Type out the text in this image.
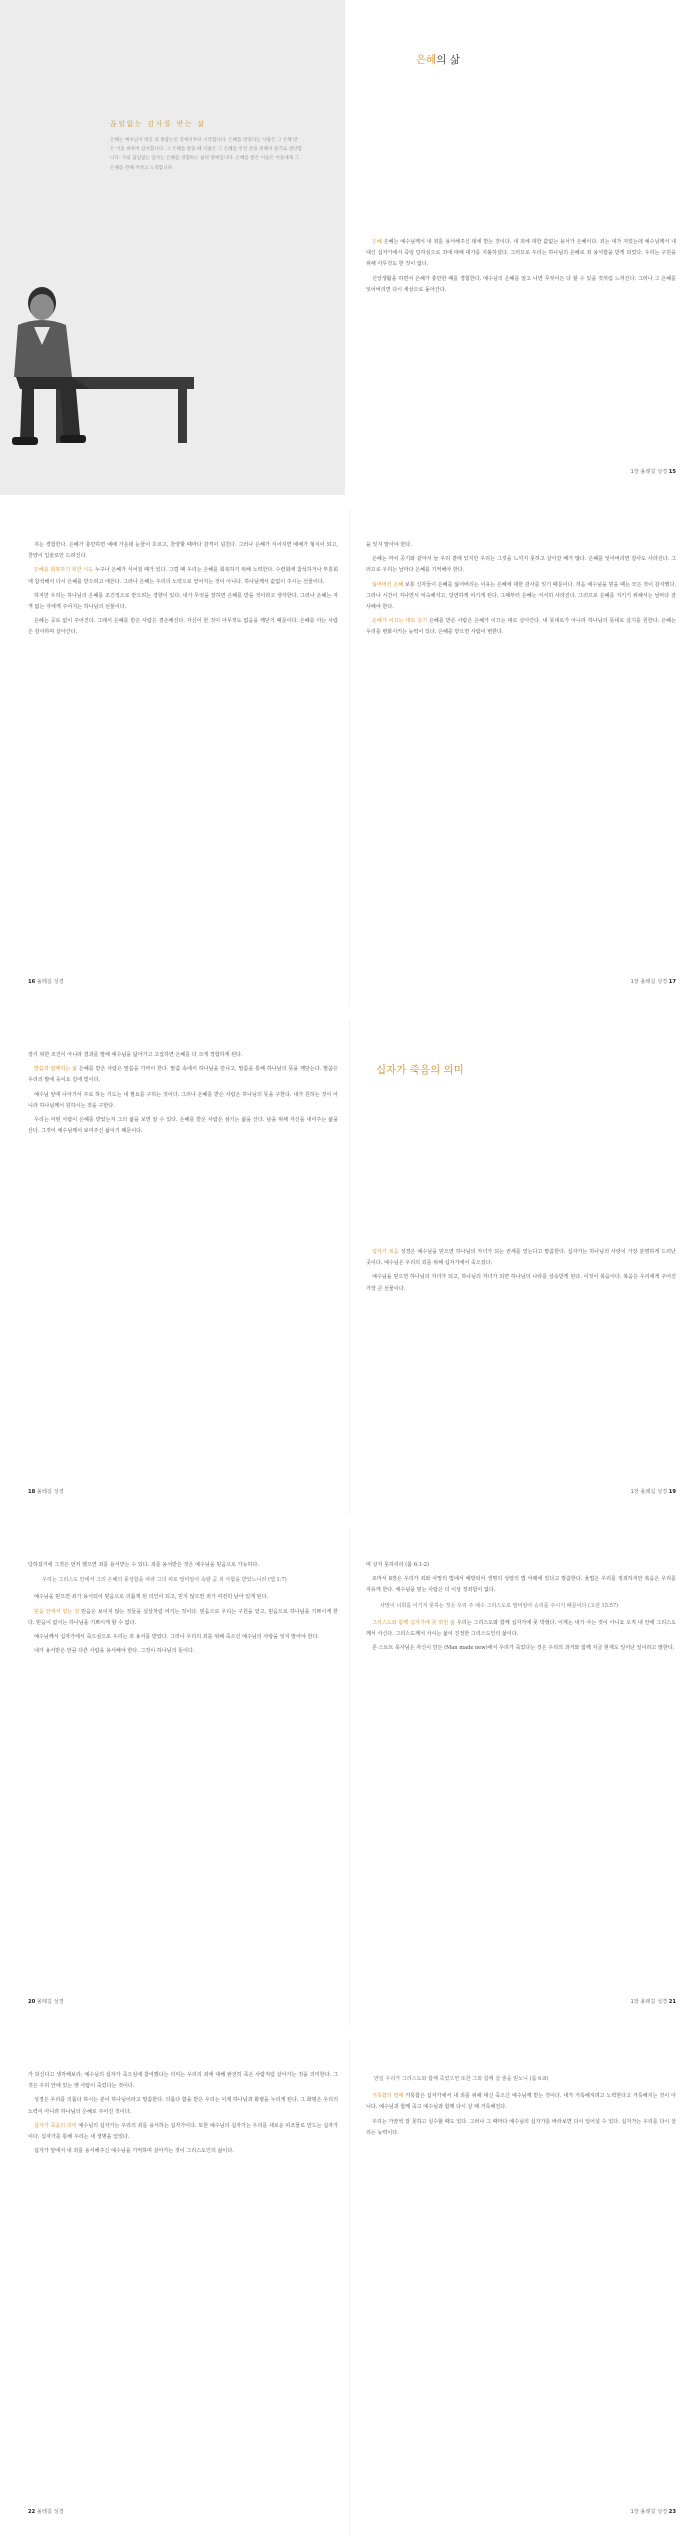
끊임없는 감사를 받는 삶
은혜는 예수님이 대신 죄 종잡는신 것에서부터 시작합니다. 은혜를 받았다는 사람은 그 은혜 받은 이를 위하여 감사합니다. 그 은혜를 받을 때 사람은 그 은혜를 주신 분을 위해서 살기로 결단합니다. 사실 끊임없는 감사는 은혜를 경험하는 삶의 열매입니다. 은혜를 받은 이들은 이웃에게 그 은혜를 전해 주려고 노력합니다.
은혜의 삶

은혜 은혜는 예수님께서 내 죄를 용서해주신 데에 받는 것이다. 내 죄에 대한 값없는 용서가 은혜이다. 죄는 내가 지었는데 예수님께서 내 대신 십자가에서 죽임 당하심으로 죄에 대해 대가를 지불하셨다. 그러므로 우리는 하나님의 은혜로 죄 용서함을 받게 되었다. 우리는 구원을 위해 아무것도 한 것이 없다.

신앙생활을 하면서 은혜가 충만한 때를 경험한다. 예수님의 은혜를 알고 나면 무엇이든 다 할 수 있을 것처럼 느껴진다. 그러나 그 은혜를 잊어버리면 다시 세상으로 돌아간다.

1장 올레길 성경 15

지는 경험한다. 은혜가 충만하면 예배 가운데 눈물이 흐르고, 찬양할 때마다 감격이 넘친다. 그러나 은혜가 식어지면 예배가 형식이 되고, 찬양이 입술로만 드려진다.

은혜를 회복하기 위한 시도 누구나 은혜가 식어질 때가 있다. 그럴 때 우리는 은혜를 회복하기 위해 노력한다. 수련회에 참석하거나 부흥회에 참석해서 다시 은혜를 받으려고 애쓴다. 그러나 은혜는 우리의 노력으로 얻어지는 것이 아니다. 하나님께서 값없이 주시는 선물이다.

하지만 우리는 하나님의 은혜를 조건적으로 받으려는 경향이 있다. 내가 무엇을 잘하면 은혜를 받을 것이라고 생각한다. 그러나 은혜는 자격 없는 자에게 주어지는 하나님의 선물이다.

은혜는 공로 없이 주어진다. 그래서 은혜를 받은 사람은 겸손해진다. 자신이 한 것이 아무것도 없음을 깨닫기 때문이다. 은혜를 아는 사람은 감사하며 살아간다.

16 올레길 성경

을 잊지 말아야 한다.

은혜는 마치 공기와 같아서 늘 우리 곁에 있지만 우리는 그것을 느끼지 못하고 살아갈 때가 많다. 은혜를 잊어버리면 감사도 사라진다. 그러므로 우리는 날마다 은혜를 기억해야 한다.

잃어버린 은혜 보통 신자들이 은혜를 잃어버리는 이유는 은혜에 대한 감사를 잊기 때문이다. 처음 예수님을 믿을 때는 모든 것이 감사했다. 그러나 시간이 지나면서 익숙해지고, 당연하게 여기게 된다. 그때부터 은혜는 서서히 사라진다. 그러므로 은혜를 지키기 위해서는 날마다 감사해야 한다.

은혜가 이끄는 대로 살기 은혜를 받은 사람은 은혜가 이끄는 대로 살아간다. 내 뜻대로가 아니라 하나님의 뜻대로 살기를 원한다. 은혜는 우리를 변화시키는 능력이 있다. 은혜를 받으면 사람이 변한다.

1장 올레길 성경 17

장기 위한 조건이 아니라 결과를 말해 예수님을 닮아가고 고집하면 은혜를 더 크게 경험하게 된다.

말씀과 함께하는 삶 은혜를 받은 사람은 말씀을 가까이 한다. 말씀 속에서 하나님을 만나고, 말씀을 통해 하나님의 뜻을 깨닫는다. 말씀은 우리의 발에 등이요 길에 빛이다.

예수님 앞에 나아가서 주로 하는 기도는 내 필요를 구하는 것이다. 그러나 은혜를 받은 사람은 하나님의 뜻을 구한다. 내가 원하는 것이 아니라 하나님께서 원하시는 것을 구한다.

우리는 어떤 사람이 은혜를 받았는지 그의 삶을 보면 알 수 있다. 은혜를 받은 사람은 섬기는 삶을 산다. 남을 위해 자신을 내어주는 삶을 산다. 그것이 예수님께서 보여주신 삶이기 때문이다.

18 올레길 성경
십자가 죽음의 의미

십자가 복음 성경은 예수님을 믿으면 하나님의 자녀가 되는 권세를 얻는다고 말씀한다. 십자가는 하나님의 사랑이 가장 분명하게 드러난 곳이다. 예수님은 우리의 죄를 위해 십자가에서 죽으셨다.

예수님을 믿으면 하나님의 자녀가 되고, 하나님의 자녀가 되면 하나님의 나라를 상속받게 된다. 이것이 복음이다. 복음은 우리에게 주어진 가장 큰 선물이다.

1장 올레길 성경 19

당하셨기에 그것은 먼저 했으면 죄를 용서받는 수 있다. 죄를 용서받은 것은 예수님을 믿음으로 가능하다.

우리는 그리스도 안에서 그의 은혜의 풍성함을 따라 그의 피로 말미암아 속량 곧 죄 사함을 받았느니라 (엡 1:7)

예수님을 믿으면 죄가 용서되어 믿음으로 의롭게 된 의인이 되고, 믿지 않으면 죄가 여전히 남아 있게 된다.

믿음 안에서 얻는 것 믿음은 보이지 않는 것들을 실상처럼 여기는 것이다. 믿음으로 우리는 구원을 얻고, 믿음으로 하나님을 기쁘시게 한다. 믿음이 없이는 하나님을 기쁘시게 할 수 없다.

예수님께서 십자가에서 죽으심으로 우리는 죄 용서를 받았다. 그러나 우리의 죄를 위해 죽으신 예수님의 사랑을 잊지 말아야 한다.

내가 용서받은 만큼 다른 사람을 용서해야 한다. 그것이 하나님의 뜻이다.

20 올레길 성경

며 살지 못하리라 (롬 6:1-2)

로마서 8장은 우리가 죄와 사망의 법에서 해방되어 생명의 성령의 법 아래에 있다고 말씀한다. 율법은 우리를 정죄하지만 복음은 우리를 자유케 한다. 예수님을 믿는 사람은 더 이상 정죄함이 없다.

사망이 너희를 이기지 못하는 것은 우리 주 예수 그리스도로 말미암아 승리를 주시기 때문이다 (고전 15:57)

그리스도와 함께 십자가에 못 박힌 삶 우리는 그리스도와 함께 십자가에 못 박혔다. 이제는 내가 사는 것이 아니요 오직 내 안에 그리스도께서 사신다. 그리스도께서 사시는 삶이 진정한 그리스도인의 삶이다.

존 스토트 목사님은 자신이 만든 (Man made new)에서 우리가 죽었다는 것은 우리의 과거와 함께 지금 현재도 일어난 일이라고 말한다.

1장 올레길 성경 21

가 되신다고 생각해보라. 예수님의 십자가 죽으심에 참여했다는 의미는 우리의 죄에 대해 완전히 죽은 사람처럼 살아가는 것을 의미한다. 그것은 우리 안에 있는 옛 사람이 죽었다는 것이다.

성경은 우리를 의롭다 하시는 분이 하나님이라고 말씀한다. 의롭다 함을 받은 우리는 이제 하나님과 화평을 누리게 된다. 그 화평은 우리의 노력이 아니라 하나님의 은혜로 주어진 것이다.

십자가 죽음의 의미 예수님의 십자가는 우리의 죄를 용서하는 십자가이다. 또한 예수님의 십자가는 우리를 새로운 피조물로 만드는 십자가이다. 십자가를 통해 우리는 새 생명을 얻었다.

십자가 앞에서 내 죄를 용서해주신 예수님을 기억하며 살아가는 것이 그리스도인의 삶이다.

22 올레길 성경
만일 우리가 그리스도와 함께 죽었으면 또한 그와 함께 살 줄을 믿노니 (롬 6:8)

거룩함의 열매 거룩함은 십자가에서 내 죄를 위해 대신 죽으신 예수님께 받는 것이다. 내가 거룩해지려고 노력한다고 거룩해지는 것이 아니다. 예수님과 함께 죽고 예수님과 함께 다시 살 때 거룩해진다.

우리는 가끔씩 잘 못하고 실수할 때도 있다. 그러나 그 때마다 예수님의 십자가를 바라보면 다시 일어설 수 있다. 십자가는 우리를 다시 살리는 능력이다.

1장 올레길 성경 23
